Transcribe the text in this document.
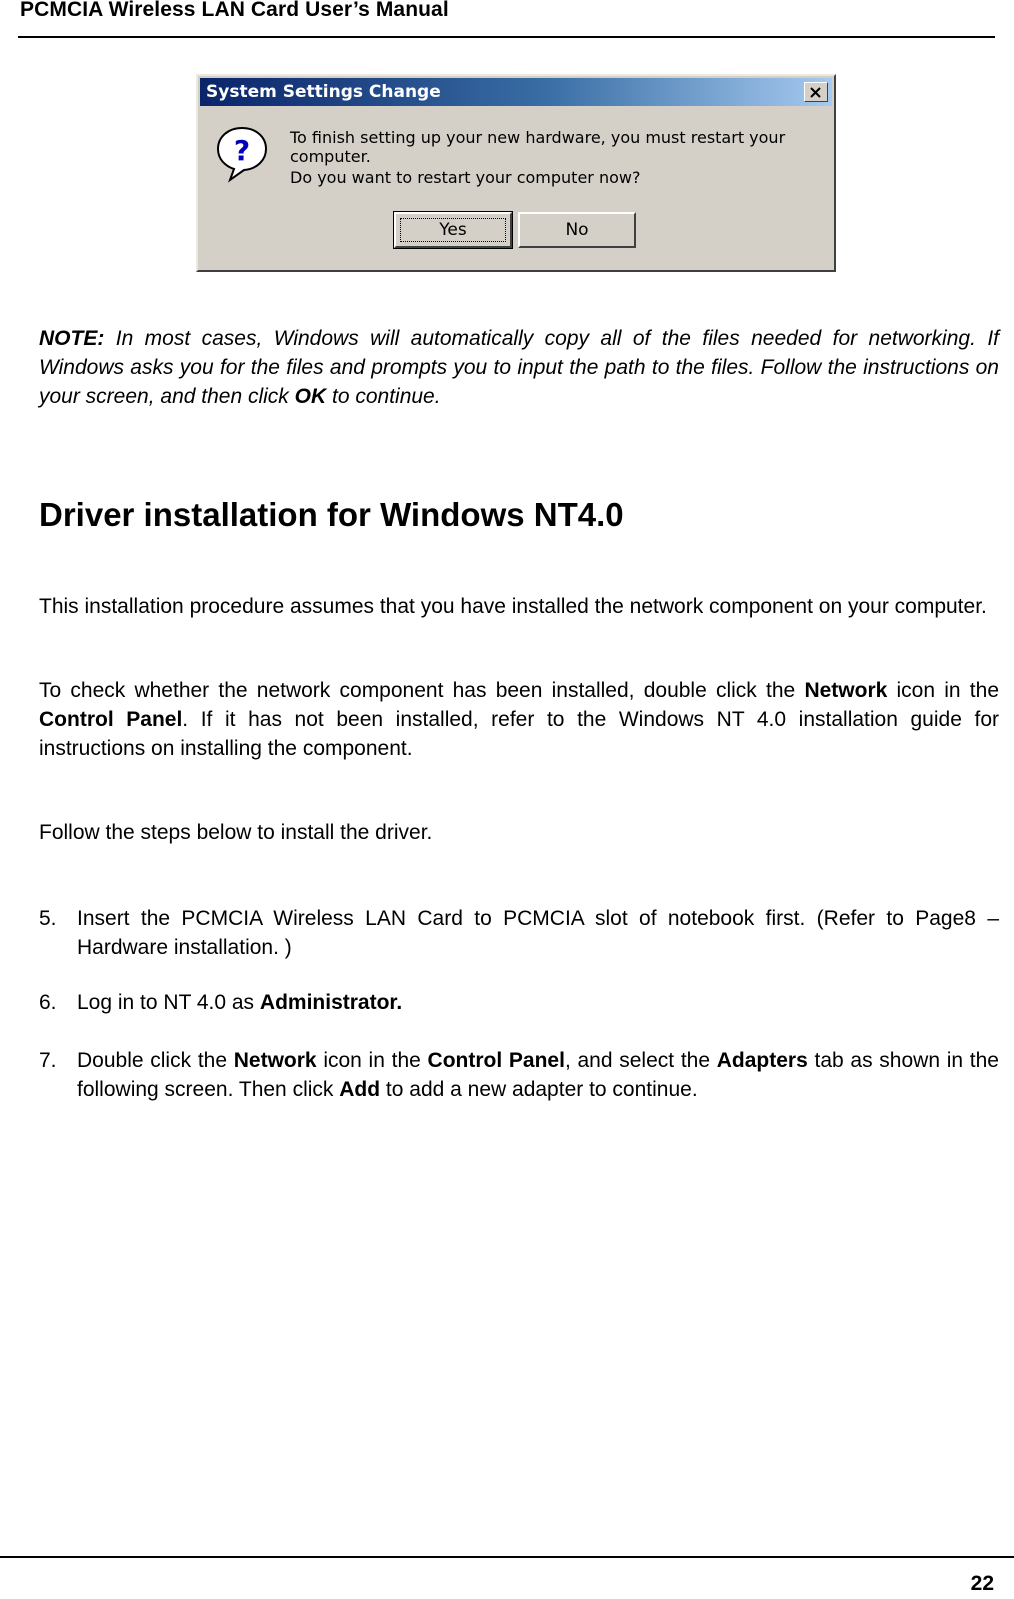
PCMCIA Wireless LAN Card User’s Manual
System Settings Change
? To finish setting up your new hardware, you must restart your computer.
Do you want to restart your computer now?
Yes	No
NOTE: In most cases, Windows will automatically copy all of the files needed for networking. If Windows asks you for the files and prompts you to input the path to the files. Follow the instructions on your screen, and then click OK to continue.
Driver installation for Windows NT4.0
This installation procedure assumes that you have installed the network component on your computer.
To check whether the network component has been installed, double click the Network icon in the Control Panel. If it has not been installed, refer to the Windows NT 4.0 installation guide for instructions on installing the component.
Follow the steps below to install the driver.
5. Insert the PCMCIA Wireless LAN Card to PCMCIA slot of notebook first. (Refer to Page8 – Hardware installation. )
6. Log in to NT 4.0 as Administrator.
7. Double click the Network icon in the Control Panel, and select the Adapters tab as shown in the following screen. Then click Add to add a new adapter to continue.
22
